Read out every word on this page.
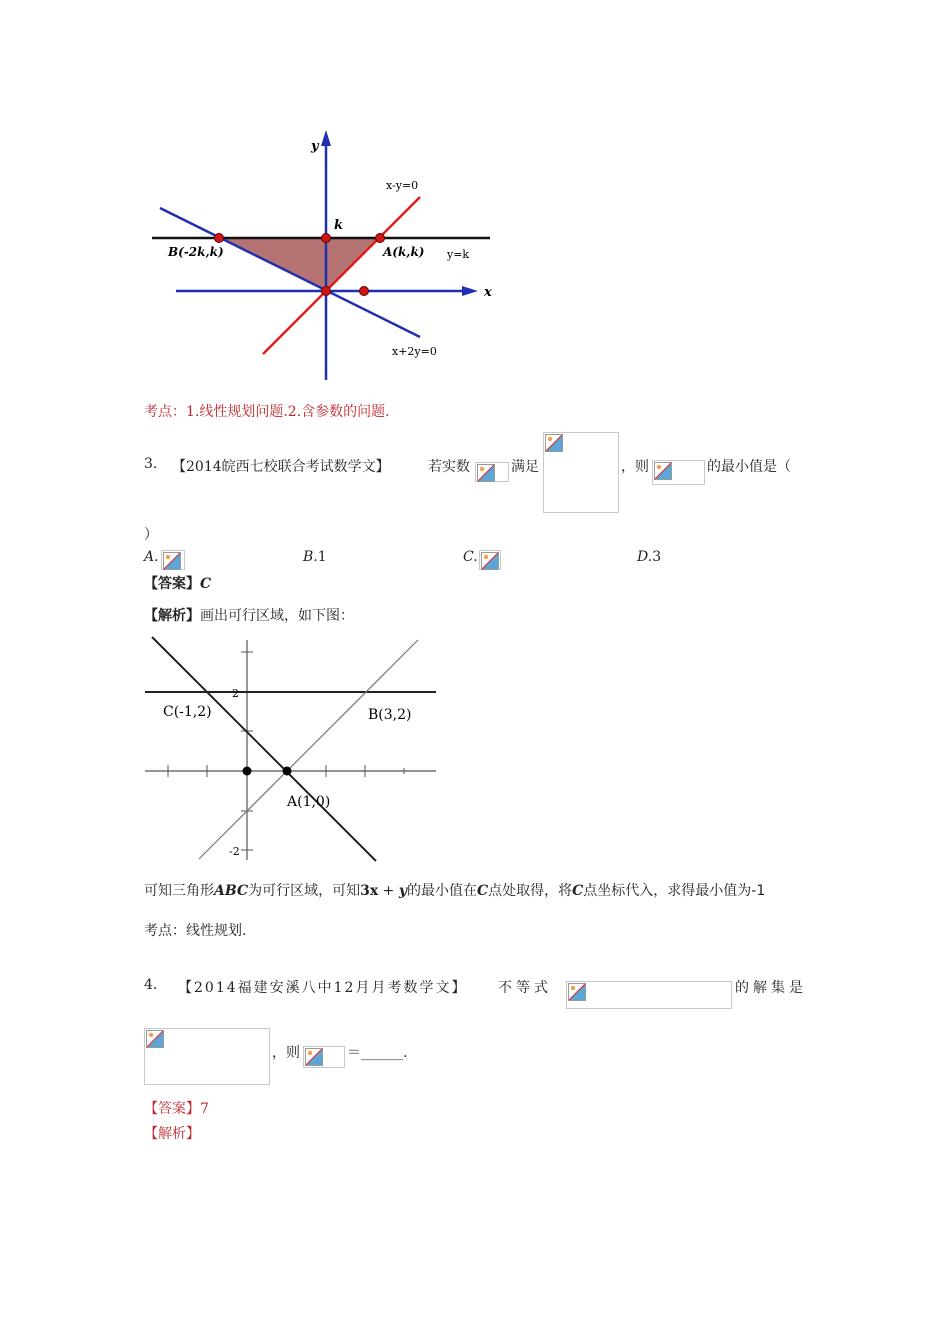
y
x
k
x-y=0
y=k
x+2y=0
B(-2k,k)	A(k,k)
考点：1.线性规划问题.2.含参数的问题.
3. 【2014皖西七校联合考试数学文】	若实数	满足	，则	的最小值是（
）
A.	B.1	C.	D.3
【答案】C
【解析】画出可行区域，如下图：
C(-1,2)	B(3,2)
A(1,0)
2
-2
可知三角形ABC为可行区域，可知3x + y的最小值在C点处取得，将C点坐标代入，求得最小值为-1
考点：线性规划.
4. 【2014福建安溪八中12月月考数学文】 不等式	的解集是
，则	＝______.
【答案】7
【解析】
